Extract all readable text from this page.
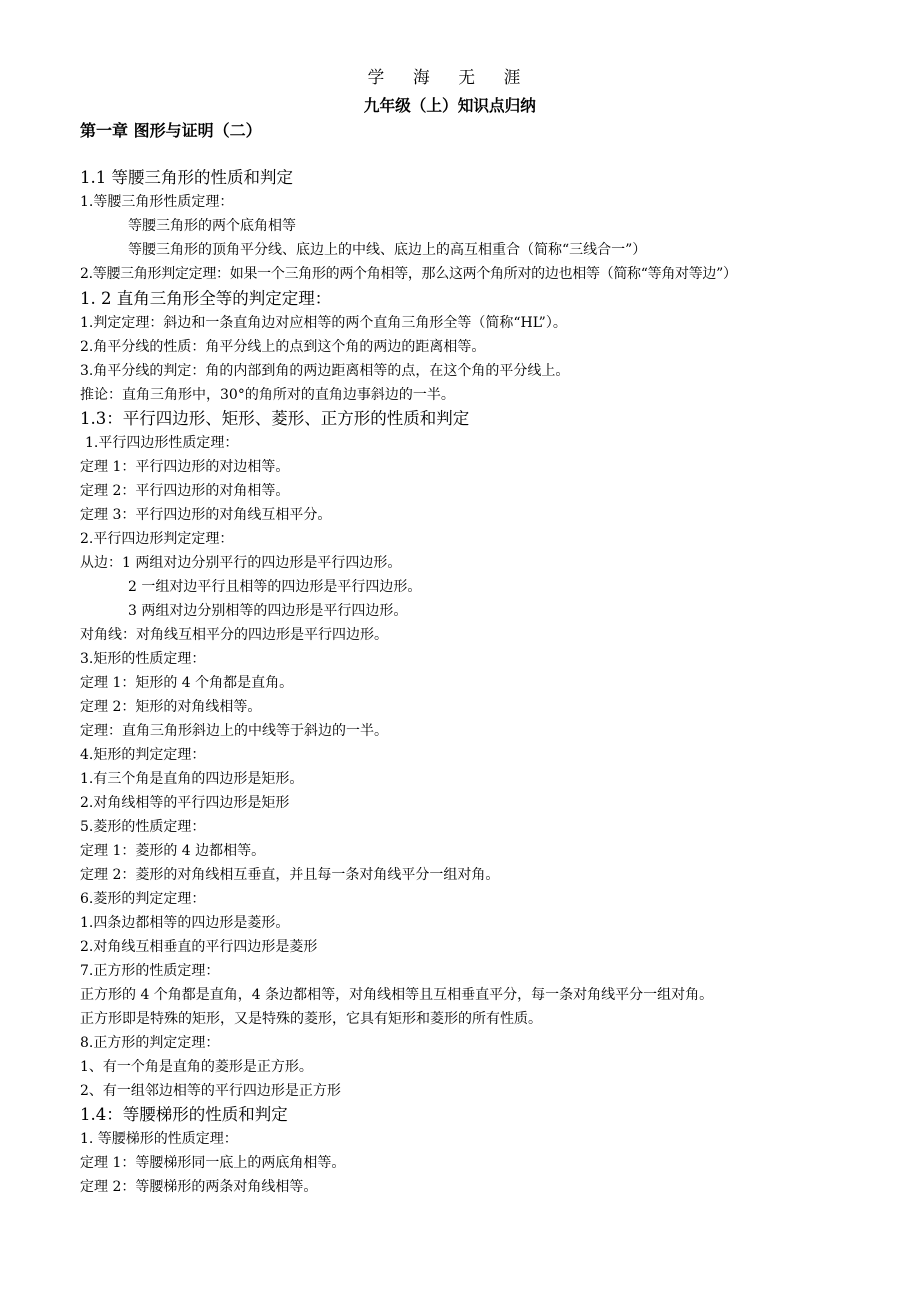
学 海 无 涯
九年级（上）知识点归纳
第一章 图形与证明（二）
1.1 等腰三角形的性质和判定
1.等腰三角形性质定理：
等腰三角形的两个底角相等
等腰三角形的顶角平分线、底边上的中线、底边上的高互相重合（简称“三线合一”）
2.等腰三角形判定定理：如果一个三角形的两个角相等，那么这两个角所对的边也相等（简称“等角对等边”）
1. 2 直角三角形全等的判定定理：
1.判定定理：斜边和一条直角边对应相等的两个直角三角形全等（简称“HL”）。
2.角平分线的性质：角平分线上的点到这个角的两边的距离相等。
3.角平分线的判定：角的内部到角的两边距离相等的点，在这个角的平分线上。
推论：直角三角形中，30°的角所对的直角边事斜边的一半。
1.3：平行四边形、矩形、菱形、正方形的性质和判定
1.平行四边形性质定理：
定理 1：平行四边形的对边相等。
定理 2：平行四边形的对角相等。
定理 3：平行四边形的对角线互相平分。
2.平行四边形判定定理：
从边：1 两组对边分别平行的四边形是平行四边形。
2 一组对边平行且相等的四边形是平行四边形。
3 两组对边分别相等的四边形是平行四边形。
对角线：对角线互相平分的四边形是平行四边形。
3.矩形的性质定理：
定理 1：矩形的 4 个角都是直角。
定理 2：矩形的对角线相等。
定理：直角三角形斜边上的中线等于斜边的一半。
4.矩形的判定定理：
1.有三个角是直角的四边形是矩形。
2.对角线相等的平行四边形是矩形
5.菱形的性质定理：
定理 1：菱形的 4 边都相等。
定理 2：菱形的对角线相互垂直，并且每一条对角线平分一组对角。
6.菱形的判定定理：
1.四条边都相等的四边形是菱形。
2.对角线互相垂直的平行四边形是菱形
7.正方形的性质定理：
正方形的 4 个角都是直角，4 条边都相等，对角线相等且互相垂直平分，每一条对角线平分一组对角。
正方形即是特殊的矩形，又是特殊的菱形，它具有矩形和菱形的所有性质。
8.正方形的判定定理：
1、有一个角是直角的菱形是正方形。
2、有一组邻边相等的平行四边形是正方形
1.4：等腰梯形的性质和判定
1. 等腰梯形的性质定理：
定理 1：等腰梯形同一底上的两底角相等。
定理 2：等腰梯形的两条对角线相等。
